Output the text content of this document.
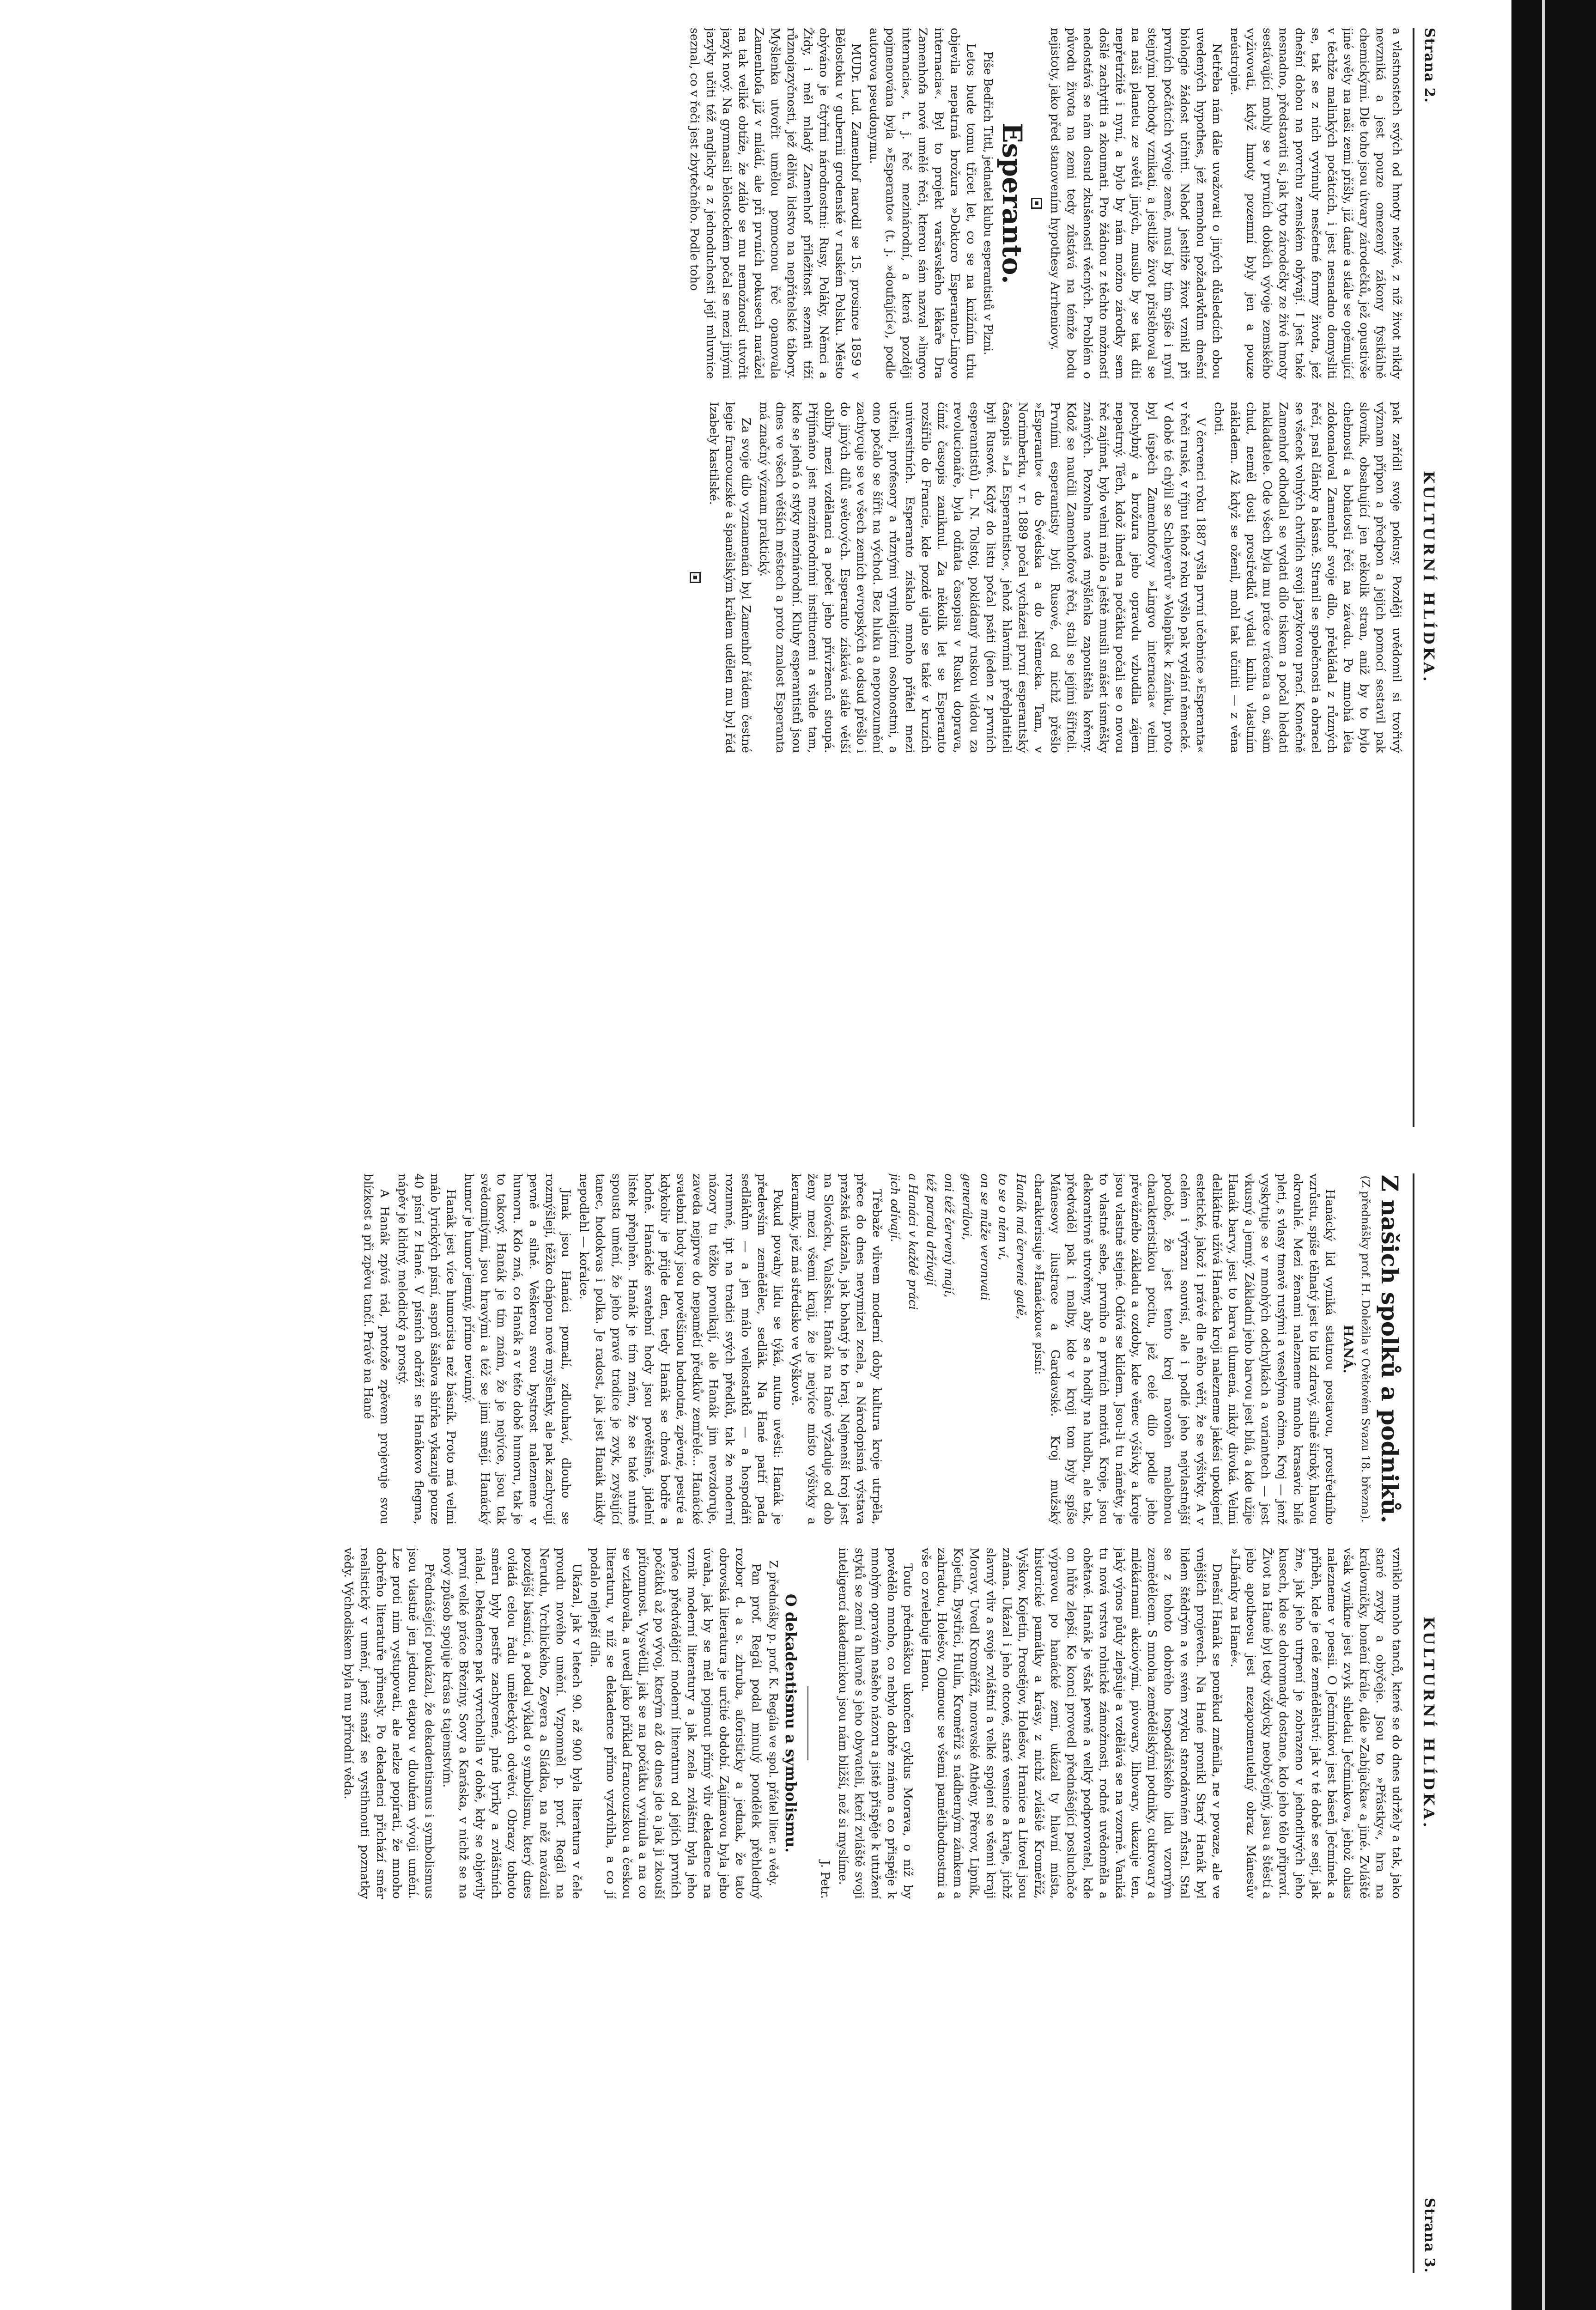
Strana 2.
KULTURNÍ HLÍDKA.

a vlastnostech svých od hmoty neživé, z níž život nikdy nevzniká a jest pouze omezený zákony fysikálně chemickými. Dle toho jsou útvary zárodečků, jež opustivše jiné světy na naši zemi přišly, již dané a stále se opěmující v těchže malinkých počátcích, i jest nesnadno domysliti se, tak se z nich vyvinuly nesčetné formy života, jež dnešní dobou na povrchu zemském obývají. I jest také nesnadno, představiti si, jak tyto zárodečky ze živé hmoty sestávající mohly se v prvních dobách vývoje zemského vyživovati, když hmoty pozemní byly jen a pouze neústrojné.

Netřeba nám dále uvažovati o jiných důsledcích obou uvedených hypothes, jež nemohou požadavkům dnešní biologie žádost učiniti. Neboť jestliže život vznikl při prvních počátcích vývoje země, musí by tím spíše i nyní stejnými pochody vznikati, a jestliže život přistěhoval se na naši planetu ze světů jiných, musilo by se tak díti nepřetržitě i nyní, a bylo by nám možno zárodky sem došlé zachytiti a zkoumati. Pro žádnou z těchto možností nedostává se nám dosud zkušeností věcných. Problém o původu života na zemi tedy zůstává na témže bodu nejistoty, jako před stanovením hypothesy Arrheniovy.

Esperanto.

Píše Bedřich Tittl, jednatel klubu esperantistů v Plzni.

Letos bude tomu třicet let, co se na knižním trhu objevila nepatrná brožura »Doktoro Esperanto-Lingvo internacia«. Byl to projekt varšavského lékaře Dra Zamenhofa nové umělé řeči, kterou sám nazval »lingvo internacia«, t. j. řeč mezinárodní, a která později pojmenována byla »Esperanto« (t. j. »doufající«), podle autorova pseudonymu.

MUDr. Lud. Zamenhof narodil se 15. prosince 1859 v Bělostoku v gubernii grodenské v ruském Polsku. Město obýváno je čtyřmi národnostmi: Rusy, Poláky, Němci a Židy, i měl mladý Zamenhof příležitost seznati tíží různojazyčnosti, jež dělívá lidstvo na nepřátelské tábory. Myšlenka utvořit umělou pomocnou řeč opanovala Zamenhofa již v mládí, ale při prvních pokusech narážel na tak veliké obtíže, že zdálo se mu nemožností utvořit jazyk nový. Na gymnasii bělostockém počal se mezi jinými jazyky učiti též anglicky a z jednoduchosti její mluvnice seznal, co v řeči jest zbytečného. Podle toho

pak zařídil svoje pokusy. Později uvědomil si tvořivý význam přípon a předpon a jejich pomocí sestavil pak slovník, obsahující jen několik stran, aniž by to bylo chebností a bohatosti řeči na závadu. Po mnohá léta zdokonaloval Zamenhof svoje dílo, překládal z různých řečí, psal články a básně. Stranil se společnosti a obracel se všecek volných chvílích svoji jazykovou prací. Konečně Zamenhof odhodlal se vydati dílo tiskem a počal hledati nakladatele. Ode všech byla mu práce vrácena a on, sám chud, neměl dosti prostředků vydati knihu vlastním nákladem. Až když se oženil, mohl tak učiniti — z věna choti.

V červenci roku 1887 vyšla první učebnice »Esperanta« v řeči ruské, v říjnu téhož roku vyšlo pak vydání německé. V době té chýlil se Schleyerův »Volapük« k zániku, proto byl úspěch Zamenhofovy »Lingvo internacia« velmi pochybný a brožura jeho opravdu vzbudila zájem nepatrný. Těch, kdož ihned na počátku počali se o novou řeč zajímat, bylo velmi málo a ještě musili snášet úsměšky známých. Pozvolna nová myšlénka zapouštěla kořeny. Kdož se naučili Zamenhofově řeči, stali se jejími šířiteli. Prvními esperantisty byli Rusové, od nichž přešlo »Esperanto« do Švédska a do Německa. Tam, v Norimberku, v r. 1889 počal vycházeti první esperantský časopis »La Esperantisto«, jehož hlavními předplatiteli byli Rusové. Když do listu počal psáti (jeden z prvních esperantistů) L. N. Tolstoj, pokládaný ruskou vládou za revolucionáře, byla odňata časopisu v Rusku doprava, čímž časopis zaniknul. Za několik let se Esperanto rozšířilo do Francie, kde pozdě ujalo se také v kruzích universitních. Esperanto získalo mnoho přátel mezi učiteli, profesory a různými vynikajícími osobnostmi, a ono počalo se šířit na východ. Bez hluku a neporozumění zachycuje se ve všech zemích evropských a odsud přešlo i do jiných dílů světových. Esperanto získává stále větší oblíby mezi vzdělanci a počet jeho přívrženců stoupá. Přijímáno jest mezinárodními institucemi a všude tam, kde se jedná o styky mezinárodní. Kluby esperantistů jsou dnes ve všech větších městech a proto znalost Esperanta má značný význam praktický.

Za svoje dílo vyznamenán byl Zamenhof řádem čestné legie francouzské a španělským králem udělen mu byl řád Izabely kastilské.

KULTURNÍ HLÍDKA.
Strana 3.

Z našich spolků a podniků.

(Z přednášky prof. H. Doležila v Ovětovém Svazu 18. března).

HANÁ.

Hanácký lid vyniká statnou postavou, prostředního vzrůstu, spíše tělnatý jest to lid zdravý, silně široký, hlavou okrouhlé. Mezi ženami nalezneme mnoho krasavic bílé pleti, s vlasy tmavě rusými a veselýma očima. Kroj — jenž vyskytuje se v mnohých odchylkách a variantech — jest vkusný a jemný. Základní jeho barvou jest bílá, a kde užije Hanák barvy, jest to barva tlumená, nikdy divoká. Velmi delikátně užívá Hanácka kroji nalezneme jakési upokojení estetické, jakož i právě dle něho věří, že se výšivky. A v celém i výrazu souvisí, ale i podlé jeho nejvlastnější podobě, že jest tento kroj navoněn malebnou charakteristikou pocitu, jež celé dílo podle jeho převážného základu a ozdoby, kde věnec výšivky a kroje jsou vlastně stejné. Odívá se klidem. Jsou-li tu náměty, je to vlastně sebe, prvního a prvních motivů. Kroje, jsou dekorativně utvořeny, aby se a hodily na hudbu, ale tak, předváděl pak i malby, kde v kroji tom byly spíše Mánesovy ilustrace a Gardavské. Kroj mužský charakterisuje »Hanáckou« písní:

Hanák má červené gatě,

to se o něm ví,

on se může veronvati

generálovi,

oni též červený mají,

též paradu držívají

a Hanáci v každé práci

jich odívají.

Třebaže vlivem moderní doby kultura kroje utrpěla, přece do dnes nevymizel zcela, a Národopisná výstava pražská ukázala, jak bohatý je to kraj. Nejmenší kroj jest na Slovácku, Valašsku. Hanák na Hané vyžaduje od dob ženy mezi všemi kraji, že je nejvíce místo výšivky a keramiky, jež má středisko ve Vyškově.

Pokud povahy lidu se týká, nutno uvěsti: Hanák je především zemědělec, sedlák. Na Hané patří pada sedlákům — a jen málo velkostatků — a hospodáři rozumné, ipt na tradici svých předků, tak že moderní názory tu těžko pronikají, ale Hanák jim nevzdoruje, zaveda nejprve do nepamětí předkův zemřelé... Hanácké svatební hody jsou povětšinou hodnotné, zpěvné, pestré a kdykoliv je přijde den, tedy Hanák se chová bodře a hodně. Hanácké svatební hody jsou povětšině, jidelní lístek přeplněn. Hanák je tím znám, že se také nutně spousta umění, že jeho pravé tradice je zvyk, zvyšující tanec, hodokvas i polka. Je radost, jak jest Hanák nikdy nepodlehl — kořalce.

Jinak jsou Hanáci pomalí, zdlouhaví, dlouho se rozmýšlejí, těžko chápou nové myšlenky, ale pak zachycují pevně a silně. Veškerou svou bystrost nalezneme v humoru. Kdo zná, co Hanák a v této době humoru, tak je to takový. Hanák je tím znám, že je nejvíce, jsou tak svědomitými, jsou hravými a též se jimi smějí. Hanácký humor je humor jemný, přímo nevinný.

Hanák jest více humorista než básník. Proto má velmi málo lyrických písní, aspoň šašlova sbírka vykazuje pouze 40 písní z Hané. V písních odráží se Hanákovo flegma, nápěv je klidný, melodický a prostý.

A Hanák zpívá rád, protože zpěvem projevuje svou blízkost a při zpěvu tančí. Právě na Hané

vzniklo mnoho tanců, které se do dnes udržely a tak, jako staré zvyky a obyčeje. Jsou to »Přástky«, hra na královničky, honění krále, dále »Zabíjačka« a jiné. Zvláště však vynikne jest zvyk shledati Ječminkova, jehož ohlas nalezneme v poesii. O Ječmínkovi jest báseň Ječmínek a příběh, kde je celé zemědělství: jak v té době se sejí, jak žne, jak jeho utrpení je zobrazeno v jednotlivých jeho kusech, kde se dohromady dostane, kdo jeho tělo připraví. Život na Hané byl tedy vždycky neobyčejný, jasu a štěstí a jeho apotheosu jest nezapomenutelný obraz Mánesův »Líbánky na Hané«.

Dnešní Hanák se poněkud změnila, ne v povaze, ale ve vnějších projevech. Na Hané pronikl Starý Hanák byl lidem štědrým a ve svém zvyku starodávném zůstal. Stal se z tohoto dobrého hospodářského lidu vzorným zemědělcem. S mnoha zemědělskými podniky, cukrovary a mlékárnami akciovými, pivovary, lihovary, ukazuje ten, jaký výnos půdy zlepšuje a vzdělává se na vzorně. Vaniká tu nová vrstva rolnické zámožnosti, rodně uvědoměla a obětavé. Hanák je však pevně a velký podporovatel, kde on hůře zlepší. Ke konci provedl přednášející posluchače výpravou po hanácké zemi, ukázal ty hlavní místa, historické památky a krásy, z nichž zvláště Kroměříž, Vyškov, Kojetín, Prostějov, Holešov, Hranice a Litovel jsou známa. Ukázal i jeho otcové, staré vesnice a kraje, jichž slavný vliv a svoje zvláštní a velké spojení se všemi kraji Moravy. Uvedl Kroměříž, moravské Athény, Přerov, Lipník, Kojetín, Bystřici, Hulín, Kroměříž s nádherným zámkem a zahradou, Holešov, Olomouc se všemi pamětihodnostmi a vše co zvelebuje Hanou.

Touto přednáškou ukončen cyklus Morava, o níž by povědělo mnoho, co nebylo dobře známo a co přispěje k mnohým opravám našeho názoru a jistě přispěje k utužení styků se zemí a hlavně s jeho obyvateli, kteří zvláště svoji inteligencí akademickou jsou nám bližší, než si myslíme.

J. Petr.

O dekadentismu a symbolismu.

Z přednášky p. prof. K. Regála ve spol. přátel liter. a vědy.

Pan prof. Regál podal minulý pondělek přehledný rozbor d. a s. zhruba, aforisticky a jednak, že tato obrovská literatura je určité období. Zajímavou byla jeho úvaha, jak by se měl pojmout přímý vliv dekadence na vznik moderní literatury a jak zcela zvláštní byla jeho práce předvádějící moderní literaturu od jejích prvních počátků až po vývoj, kterým až do dnes jde a jak ji zkouší přítomnost. Vysvětlil, jak se na počátku vyvinula a na co se vztahovala, a uvedl jako příklad francouzskou a českou literaturu, v níž se dekadence přímo vyzdvihla, a co jí podalo nejlepší díla.

Ukázal, jak v letech 90. až 900 byla literatura v čele proudu nového umění. Vzpomněl p. prof. Regál na Nerudu, Vrchlického, Zeyera a Sládka, na něž navázali pozdější básníci, a podal výklad o symbolismu, který dnes ovládá celou řadu uměleckých odvětví. Obrazy tohoto směru byly pestře zachycené, plné lyriky a zvláštních nálad. Dekadence pak vyvrcholila v době, kdy se objevily první velké práce Březiny, Sovy a Karáska, v nichž se na nový způsob spojuje krása s tajemstvím.

Přednášející poukázal, že dekadentismus i symbolismus jsou vlastně jen jednou etapou v dlouhém vývoji umění. Lze proti nim vystupovati, ale nelze popírati, že mnoho dobrého literatuře přinesly. Po dekadenci přichází směr realistický v umění, jenž snaží se vystihnouti poznatky vědy. Východiskem byla mu přírodní věda.
